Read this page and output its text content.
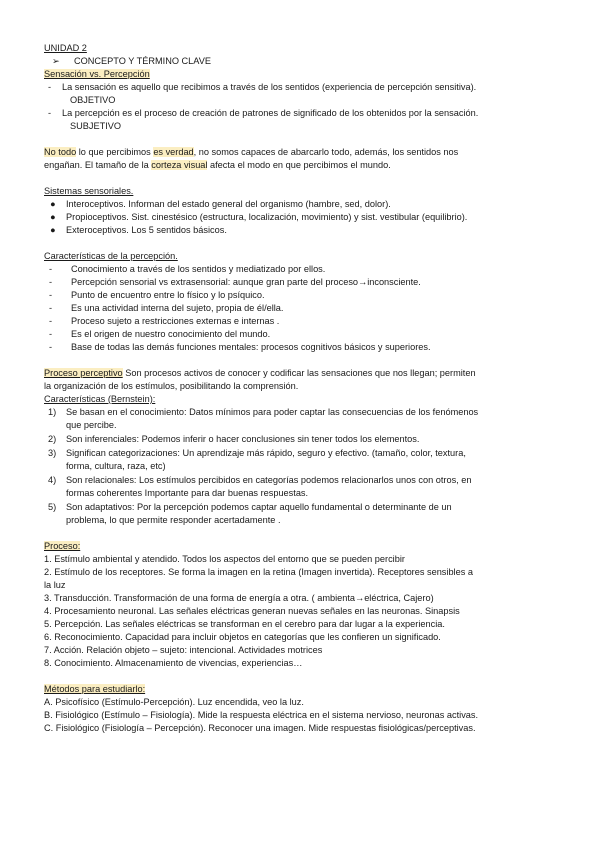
UNIDAD 2
➢	CONCEPTO Y TÉRMINO CLAVE
Sensación vs. Percepción
-	La sensación es aquello que recibimos a través de los sentidos (experiencia de percepción sensitiva).
OBJETIVO
-	La percepción es el proceso de creación de patrones de significado de los obtenidos por la sensación.
SUBJETIVO
No todo lo que percibimos es verdad, no somos capaces de abarcarlo todo, además, los sentidos nos
engañan. El tamaño de la corteza visual afecta el modo en que percibimos el mundo.
Sistemas sensoriales.
●	Interoceptivos. Informan del estado general del organismo (hambre, sed, dolor).
●	Propioceptivos. Sist. cinestésico (estructura, localización, movimiento) y sist. vestibular (equilibrio).
●	Exteroceptivos. Los 5 sentidos básicos.
Características de la percepción.
-	Conocimiento a través de los sentidos y mediatizado por ellos.
-	Percepción sensorial vs extrasensorial: aunque gran parte del proceso→inconsciente.
-	Punto de encuentro entre lo físico y lo psíquico.
-	Es una actividad interna del sujeto, propia de él/ella.
-	Proceso sujeto a restricciones externas e internas .
-	Es el origen de nuestro conocimiento del mundo.
-	Base de todas las demás funciones mentales: procesos cognitivos básicos y superiores.
Proceso perceptivo Son procesos activos de conocer y codificar las sensaciones que nos llegan; permiten
la organización de los estímulos, posibilitando la comprensión.
Características (Bernstein):
1)	Se basan en el conocimiento: Datos mínimos para poder captar las consecuencias de los fenómenos
que percibe.
2)	Son inferenciales: Podemos inferir o hacer conclusiones sin tener todos los elementos.
3)	Significan categorizaciones: Un aprendizaje más rápido, seguro y efectivo. (tamaño, color, textura,
forma, cultura, raza, etc)
4)	Son relacionales: Los estímulos percibidos en categorías podemos relacionarlos unos con otros, en
formas coherentes Importante para dar buenas respuestas.
5)	Son adaptativos: Por la percepción podemos captar aquello fundamental o determinante de un
problema, lo que permite responder acertadamente .
Proceso:
1. Estímulo ambiental y atendido. Todos los aspectos del entorno que se pueden percibir
2. Estímulo de los receptores. Se forma la imagen en la retina (Imagen invertida). Receptores sensibles a
la luz
3. Transducción. Transformación de una forma de energía a otra. ( ambienta→eléctrica, Cajero)
4. Procesamiento neuronal. Las señales eléctricas generan nuevas señales en las neuronas. Sinapsis
5. Percepción. Las señales eléctricas se transforman en el cerebro para dar lugar a la experiencia.
6. Reconocimiento. Capacidad para incluir objetos en categorías que les confieren un significado.
7. Acción. Relación objeto – sujeto: intencional. Actividades motrices
8. Conocimiento. Almacenamiento de vivencias, experiencias…
Métodos para estudiarlo:
A. Psicofísico (Estímulo-Percepción). Luz encendida, veo la luz.
B. Fisiológico (Estímulo – Fisiología). Mide la respuesta eléctrica en el sistema nervioso, neuronas activas.
C. Fisiológico (Fisiología – Percepción). Reconocer una imagen. Mide respuestas fisiológicas/perceptivas.
